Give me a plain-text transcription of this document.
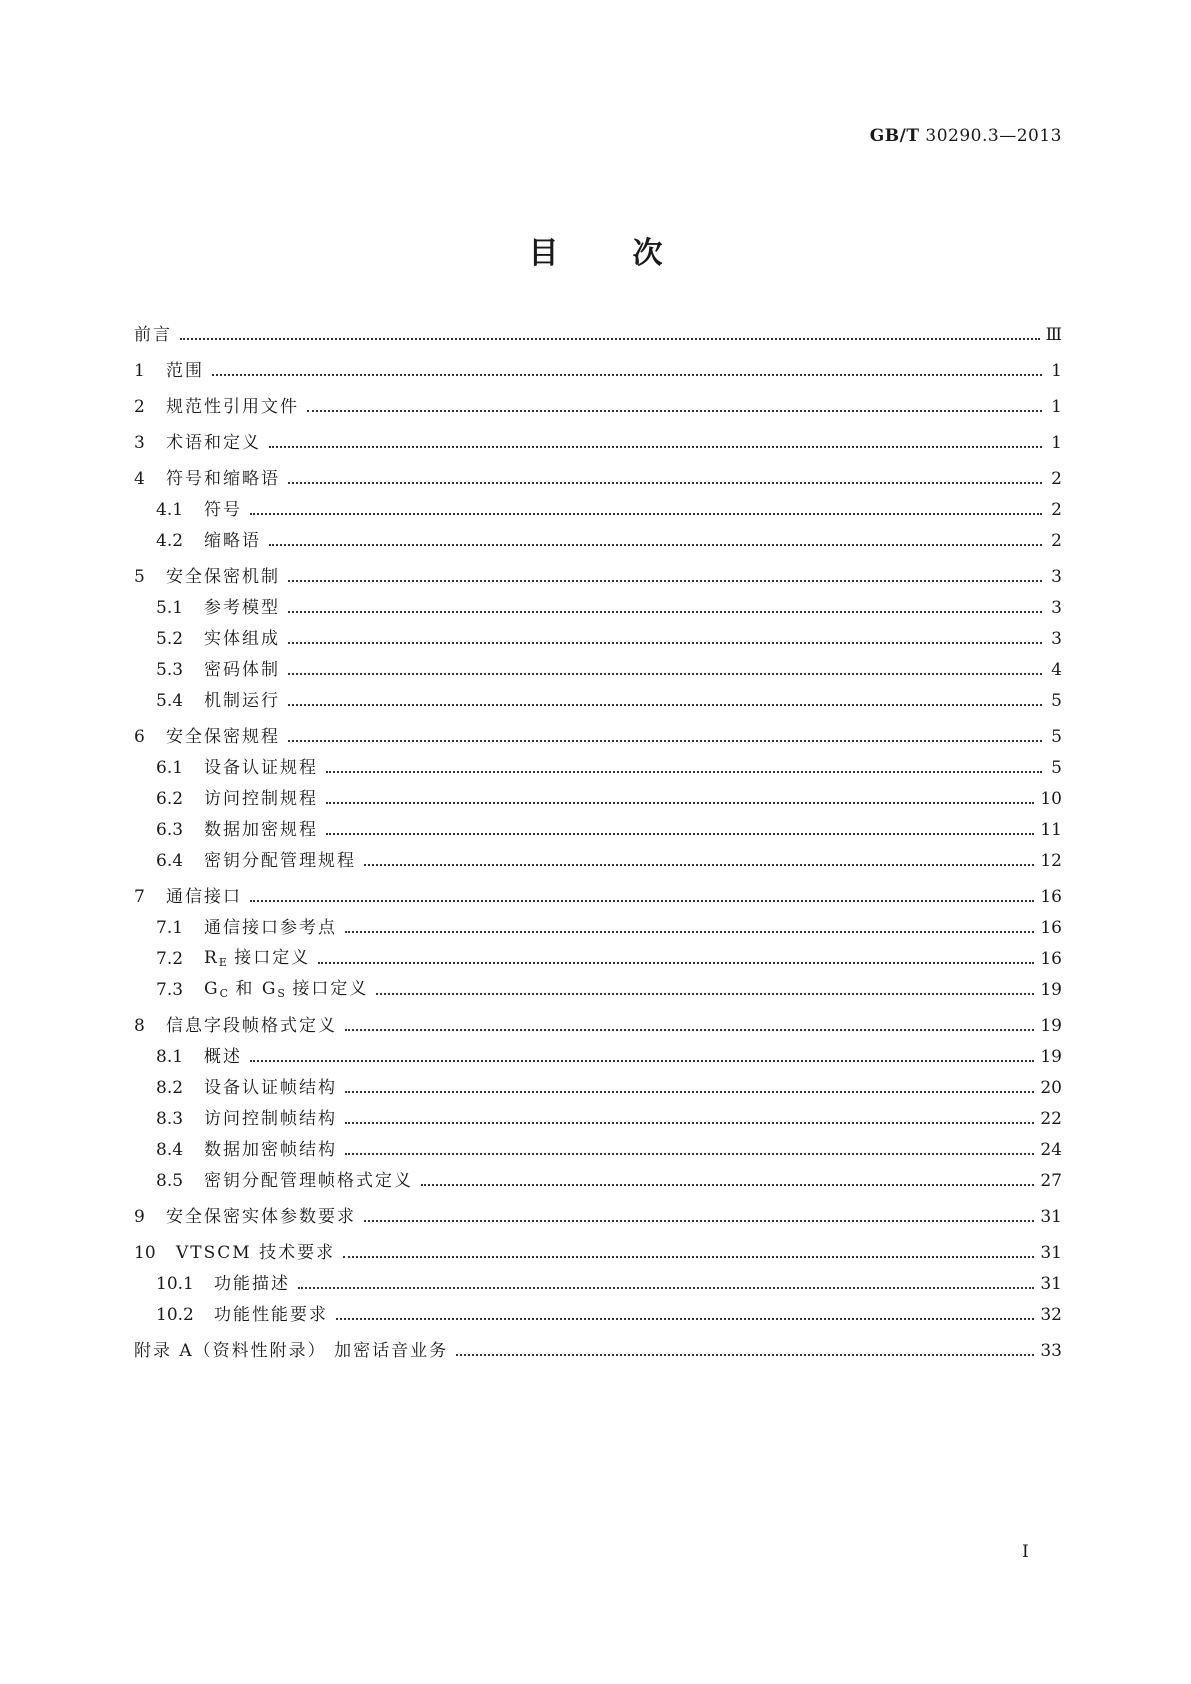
GB/T 30290.3—2013
目 次
前言	Ⅲ
1	范围	1
2	规范性引用文件	1
3	术语和定义	1
4	符号和缩略语	2
4.1	符号	2
4.2	缩略语	2
5	安全保密机制	3
5.1	参考模型	3
5.2	实体组成	3
5.3	密码体制	4
5.4	机制运行	5
6	安全保密规程	5
6.1	设备认证规程	5
6.2	访问控制规程	10
6.3	数据加密规程	11
6.4	密钥分配管理规程	12
7	通信接口	16
7.1	通信接口参考点	16
7.2	$R_E$ 接口定义	16
7.3	$G_C$ 和 $G_S$ 接口定义	19
8	信息字段帧格式定义	19
8.1	概述	19
8.2	设备认证帧结构	20
8.3	访问控制帧结构	22
8.4	数据加密帧结构	24
8.5	密钥分配管理帧格式定义	27
9	安全保密实体参数要求	31
10	VTSCM 技术要求	31
10.1	功能描述	31
10.2	功能性能要求	32
附录 A（资料性附录） 加密话音业务	33
I
